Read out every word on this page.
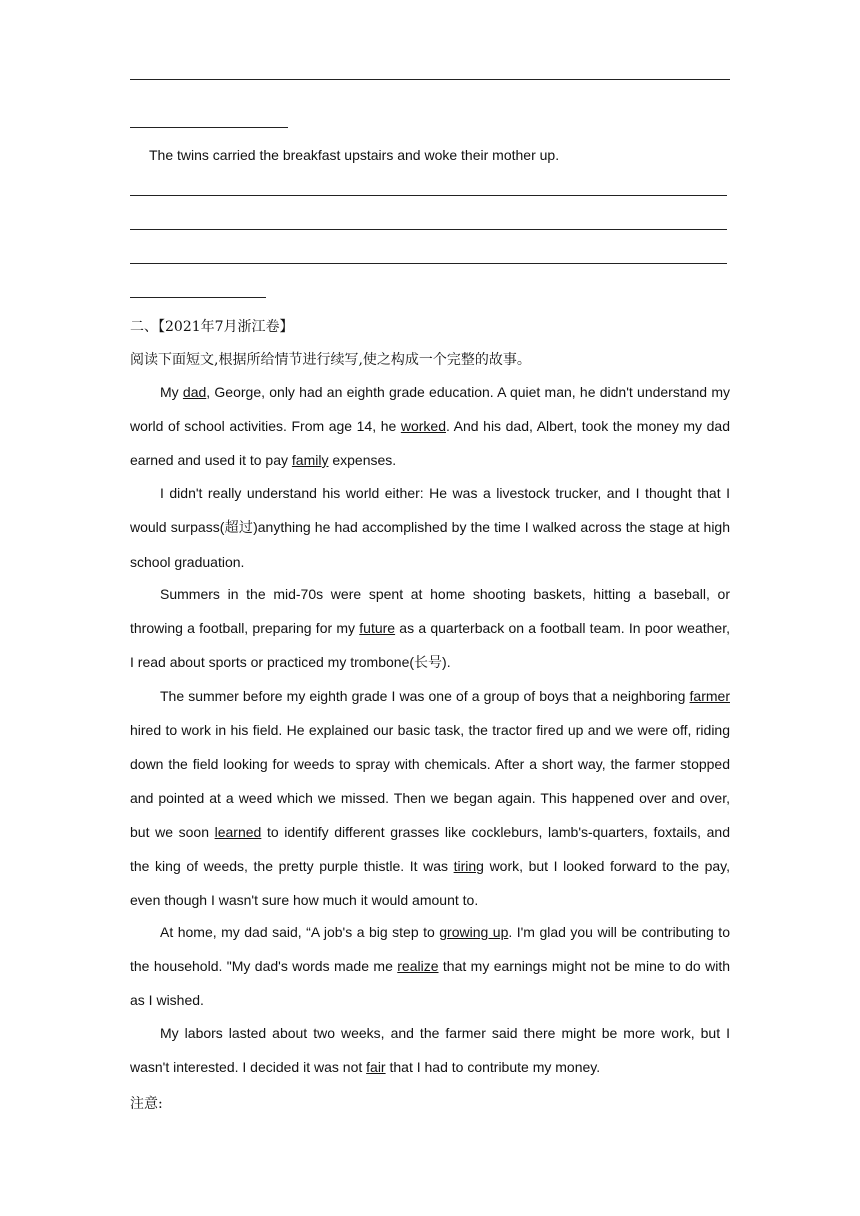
The twins carried the breakfast upstairs and woke their mother up.
二、【2021年7月浙江卷】
阅读下面短文,根据所给情节进行续写,使之构成一个完整的故事。

My dad, George, only had an eighth grade education. A quiet man, he didn't understand my world of school activities. From age 14, he worked. And his dad, Albert, took the money my dad earned and used it to pay family expenses.

I didn't really understand his world either: He was a livestock trucker, and I thought that I would surpass(超过)anything he had accomplished by the time I walked across the stage at high school graduation.

Summers in the mid-70s were spent at home shooting baskets, hitting a baseball, or throwing a football, preparing for my future as a quarterback on a football team. In poor weather, I read about sports or practiced my trombone(长号).

The summer before my eighth grade I was one of a group of boys that a neighboring farmer hired to work in his field. He explained our basic task, the tractor fired up and we were off, riding down the field looking for weeds to spray with chemicals. After a short way, the farmer stopped and pointed at a weed which we missed. Then we began again. This happened over and over, but we soon learned to identify different grasses like cockleburs, lamb's-quarters, foxtails, and the king of weeds, the pretty purple thistle. It was tiring work, but I looked forward to the pay, even though I wasn't sure how much it would amount to.

At home, my dad said, “A job's a big step to growing up. I'm glad you will be contributing to the household. "My dad's words made me realize that my earnings might not be mine to do with as I wished.

My labors lasted about two weeks, and the farmer said there might be more work, but I wasn't interested. I decided it was not fair that I had to contribute my money.

注意:
